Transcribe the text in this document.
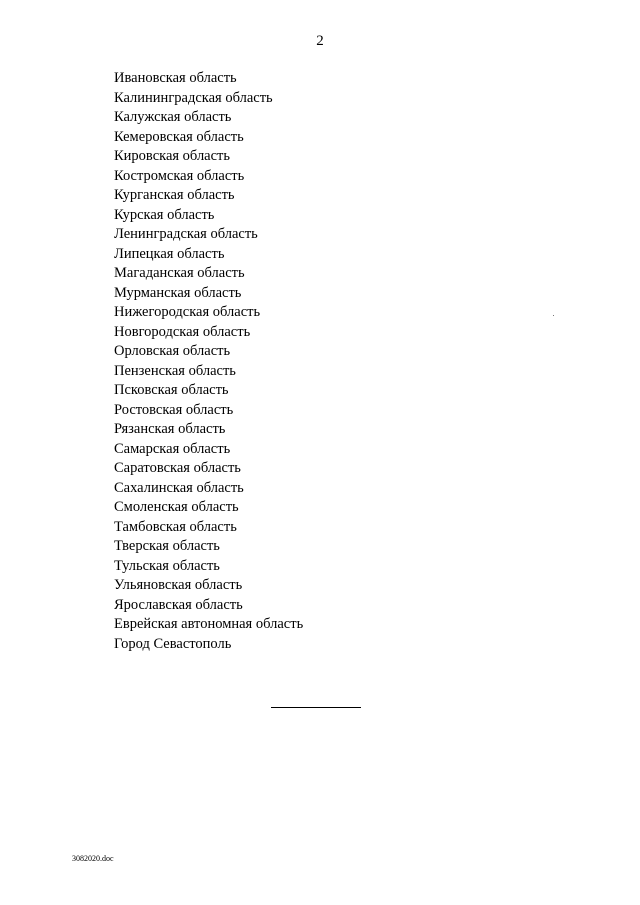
2
Ивановская область
Калининградская область
Калужская область
Кемеровская область
Кировская область
Костромская область
Курганская область
Курская область
Ленинградская область
Липецкая область
Магаданская область
Мурманская область
Нижегородская область
Новгородская область
Орловская область
Пензенская область
Псковская область
Ростовская область
Рязанская область
Самарская область
Саратовская область
Сахалинская область
Смоленская область
Тамбовская область
Тверская область
Тульская область
Ульяновская область
Ярославская область
Еврейская автономная область
Город Севастополь
3082020.doc
